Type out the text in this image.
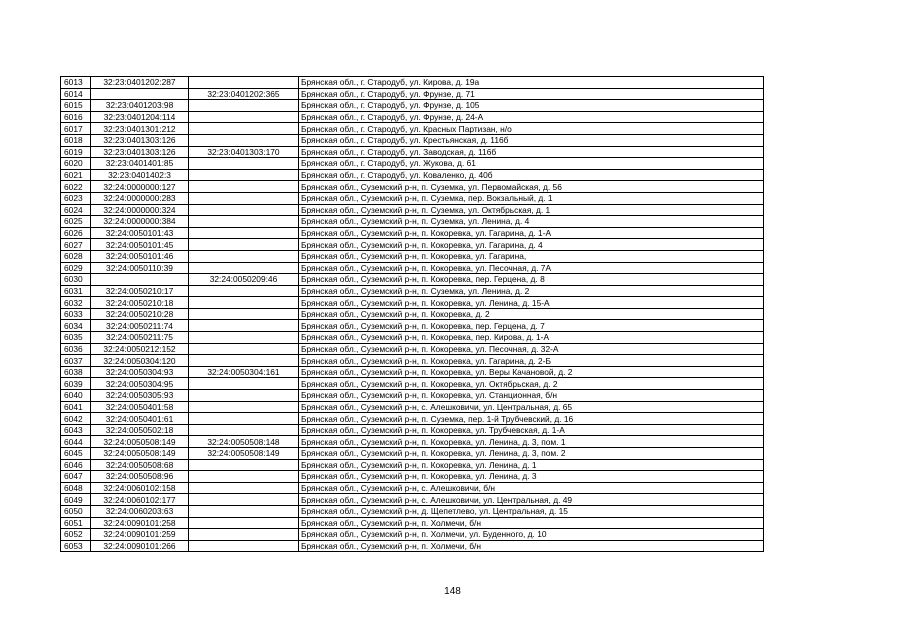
6013	32:23:0401202:287		Брянская обл., г. Стародуб, ул. Кирова, д. 19а
6014		32:23:0401202:365	Брянская обл., г. Стародуб, ул. Фрунзе, д. 71
6015	32:23:0401203:98		Брянская обл., г. Стародуб, ул. Фрунзе, д. 105
6016	32:23:0401204:114		Брянская обл., г. Стародуб, ул. Фрунзе, д. 24-А
6017	32:23:0401301:212		Брянская обл., г. Стародуб, ул. Красных Партизан, н/о
6018	32:23:0401303:126		Брянская обл., г. Стародуб, ул. Крестьянская, д. 116б
6019	32:23:0401303:126	32:23:0401303:170	Брянская обл., г. Стародуб, ул. Заводская, д. 116б
6020	32:23:0401401:85		Брянская обл., г. Стародуб, ул. Жукова, д. 61
6021	32:23:0401402:3		Брянская обл., г. Стародуб, ул. Коваленко, д. 40б
6022	32:24:0000000:127		Брянская обл., Суземский р-н, п. Суземка, ул. Первомайская, д. 56
6023	32:24:0000000:283		Брянская обл., Суземский р-н, п. Суземка, пер. Вокзальный, д. 1
6024	32:24:0000000:324		Брянская обл., Суземский р-н, п. Суземка, ул. Октябрьская, д. 1
6025	32:24:0000000:384		Брянская обл., Суземский р-н, п. Суземка, ул. Ленина, д. 4
6026	32:24:0050101:43		Брянская обл., Суземский р-н, п. Кокоревка, ул. Гагарина, д. 1-А
6027	32:24:0050101:45		Брянская обл., Суземский р-н, п. Кокоревка, ул. Гагарина, д. 4
6028	32:24:0050101:46		Брянская обл., Суземский р-н, п. Кокоревка, ул. Гагарина,
6029	32:24:0050110:39		Брянская обл., Суземский р-н, п. Кокоревка, ул. Песочная, д. 7А
6030		32:24:0050209:46	Брянская обл., Суземский р-н, п. Кокоревка, пер. Герцена, д. 8
6031	32:24:0050210:17		Брянская обл., Суземский р-н, п. Суземка, ул. Ленина, д. 2
6032	32:24:0050210:18		Брянская обл., Суземский р-н, п. Кокоревка, ул. Ленина, д. 15-А
6033	32:24:0050210:28		Брянская обл., Суземский р-н, п. Кокоревка, д. 2
6034	32:24:0050211:74		Брянская обл., Суземский р-н, п. Кокоревка, пер. Герцена, д. 7
6035	32:24:0050211:75		Брянская обл., Суземский р-н, п. Кокоревка, пер. Кирова, д. 1-А
6036	32:24:0050212:152		Брянская обл., Суземский р-н, п. Кокоревка, ул. Песочная, д. 32-А
6037	32:24:0050304:120		Брянская обл., Суземский р-н, п. Кокоревка, ул. Гагарина, д. 2-Б
6038	32:24:0050304:93	32:24:0050304:161	Брянская обл., Суземский р-н, п. Кокоревка, ул. Веры Качановой, д. 2
6039	32:24:0050304:95		Брянская обл., Суземский р-н, п. Кокоревка, ул. Октябрьская, д. 2
6040	32:24:0050305:93		Брянская обл., Суземский р-н, п. Кокоревка, ул. Станционная, б/н
6041	32:24:0050401:58		Брянская обл., Суземский р-н, с. Алешковичи, ул. Центральная, д. 65
6042	32:24:0050401:61		Брянская обл., Суземский р-н, п. Суземка, пер. 1-й Трубчевский, д. 16
6043	32:24:0050502:18		Брянская обл., Суземский р-н, п. Кокоревка, ул. Трубчевская, д. 1-А
6044	32:24:0050508:149	32:24:0050508:148	Брянская обл., Суземский р-н, п. Кокоревка, ул. Ленина, д. 3, пом. 1
6045	32:24:0050508:149	32:24:0050508:149	Брянская обл., Суземский р-н, п. Кокоревка, ул. Ленина, д. 3, пом. 2
6046	32:24:0050508:68		Брянская обл., Суземский р-н, п. Кокоревка, ул. Ленина, д. 1
6047	32:24:0050508:96		Брянская обл., Суземский р-н, п. Кокоревка, ул. Ленина, д. 3
6048	32:24:0060102:158		Брянская обл., Суземский р-н, с. Алешковичи, б/н
6049	32:24:0060102:177		Брянская обл., Суземский р-н, с. Алешковичи, ул. Центральная, д. 49
6050	32:24:0060203:63		Брянская обл., Суземский р-н, д. Щепетлево, ул. Центральная, д. 15
6051	32:24:0090101:258		Брянская обл., Суземский р-н, п. Холмечи, б/н
6052	32:24:0090101:259		Брянская обл., Суземский р-н, п. Холмечи, ул. Буденного, д. 10
6053	32:24:0090101:266		Брянская обл., Суземский р-н, п. Холмечи, б/н
148
